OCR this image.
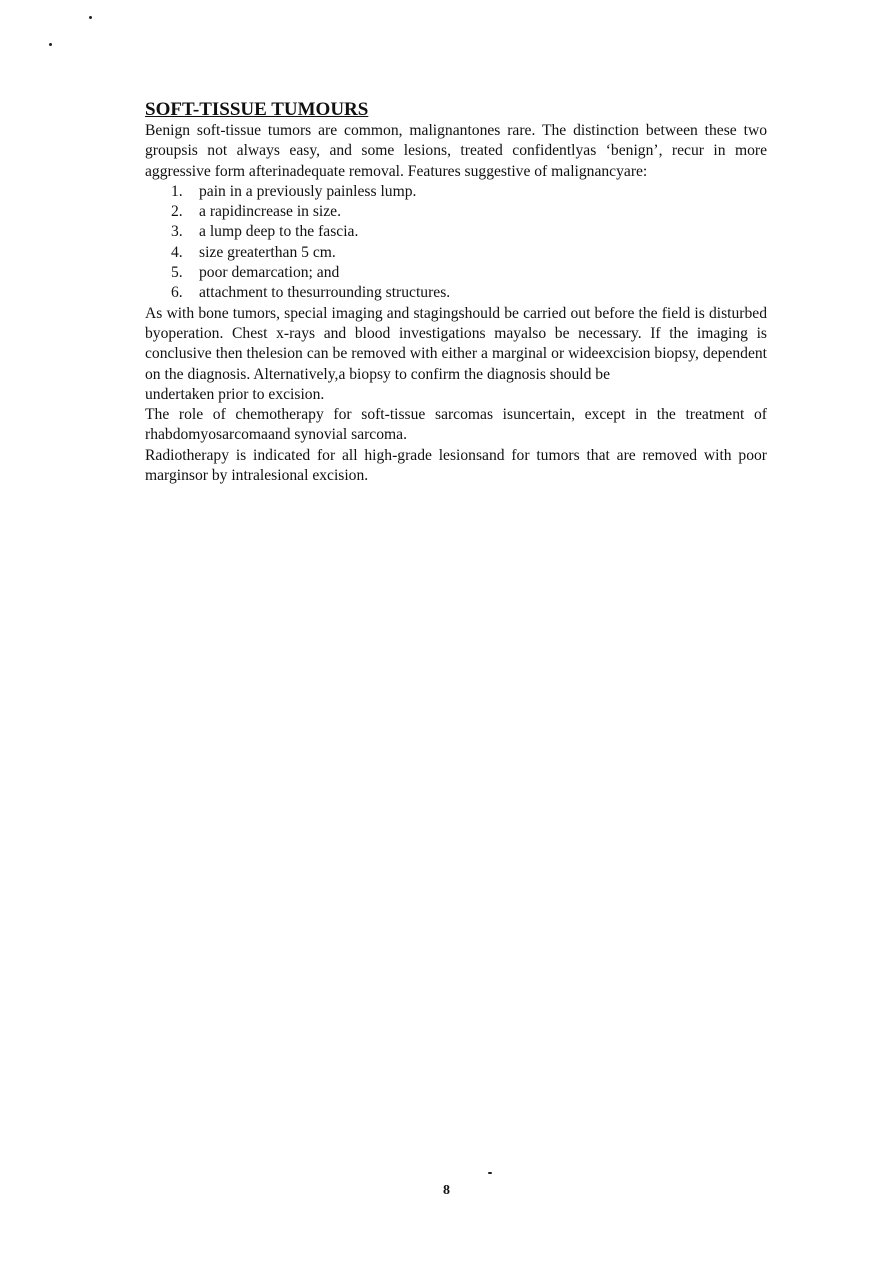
SOFT-TISSUE TUMOURS

Benign soft-tissue tumors are common, malignantones rare. The distinction between these two groupsis not always easy, and some lesions, treated confidentlyas ‘benign’, recur in more aggressive form afterinadequate removal. Features suggestive of malignancyare:

1.	pain in a previously painless lump.
2.	a rapidincrease in size.
3.	a lump deep to the fascia.
4.	size greaterthan 5 cm.
5.	poor demarcation; and
6.	attachment to thesurrounding structures.

As with bone tumors, special imaging and stagingshould be carried out before the field is disturbed byoperation. Chest x-rays and blood investigations mayalso be necessary. If the imaging is conclusive then thelesion can be removed with either a marginal or wideexcision biopsy, dependent on the diagnosis. Alternatively,a biopsy to confirm the diagnosis should be

undertaken prior to excision.

The role of chemotherapy for soft-tissue sarcomas isuncertain, except in the treatment of rhabdomyosarcomaand synovial sarcoma.

Radiotherapy is indicated for all high-grade lesionsand for tumors that are removed with poor marginsor by intralesional excision.

8
